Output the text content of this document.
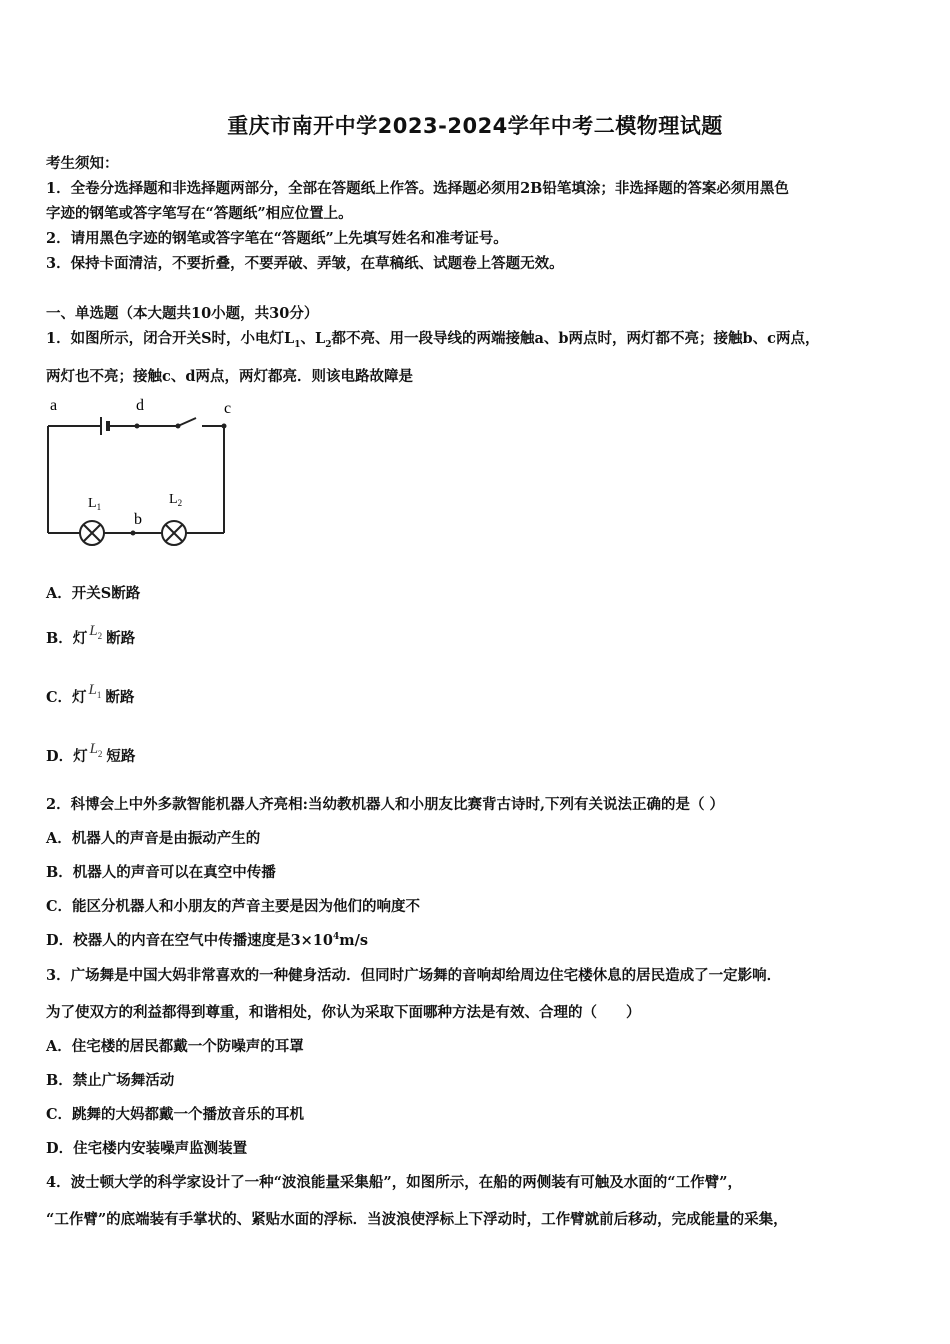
重庆市南开中学2023-2024学年中考二模物理试题
考生须知：
1．全卷分选择题和非选择题两部分，全部在答题纸上作答。选择题必须用2B铅笔填涂；非选择题的答案必须用黑色
字迹的钢笔或答字笔写在“答题纸”相应位置上。
2．请用黑色字迹的钢笔或答字笔在“答题纸”上先填写姓名和准考证号。
3．保持卡面清洁，不要折叠，不要弄破、弄皱，在草稿纸、试题卷上答题无效。
一、单选题（本大题共10小题，共30分）
1．如图所示，闭合开关S时，小电灯$L_1$、$L_2$都不亮、用一段导线的两端接触a、b两点时，两灯都不亮；接触b、c两点，
两灯也不亮；接触c、d两点，两灯都亮．则该电路故障是
a	d	c
b
$L_1$	$L_2$
A．开关S断路
B．灯 $L_2$ 断路
C．灯 $L_1$ 断路
D．灯 $L_2$ 短路
2．科博会上中外多款智能机器人齐亮相:当幼教机器人和小朋友比赛背古诗时,下列有关说法正确的是（ ）
A．机器人的声音是由振动产生的
B．机器人的声音可以在真空中传播
C．能区分机器人和小朋友的芦音主要是因为他们的响度不
D．校器人的内音在空气中传播速度是$3\times 10^4m/s$
3．广场舞是中国大妈非常喜欢的一种健身活动．但同时广场舞的音响却给周边住宅楼休息的居民造成了一定影响．
为了使双方的利益都得到尊重，和谐相处，你认为采取下面哪种方法是有效、合理的（　　）
A．住宅楼的居民都戴一个防噪声的耳罩
B．禁止广场舞活动
C．跳舞的大妈都戴一个播放音乐的耳机
D．住宅楼内安装噪声监测装置
4．波士顿大学的科学家设计了一种“波浪能量采集船”，如图所示，在船的两侧装有可触及水面的“工作臂”，
“工作臂”的底端装有手掌状的、紧贴水面的浮标．当波浪使浮标上下浮动时，工作臂就前后移动，完成能量的采集，
